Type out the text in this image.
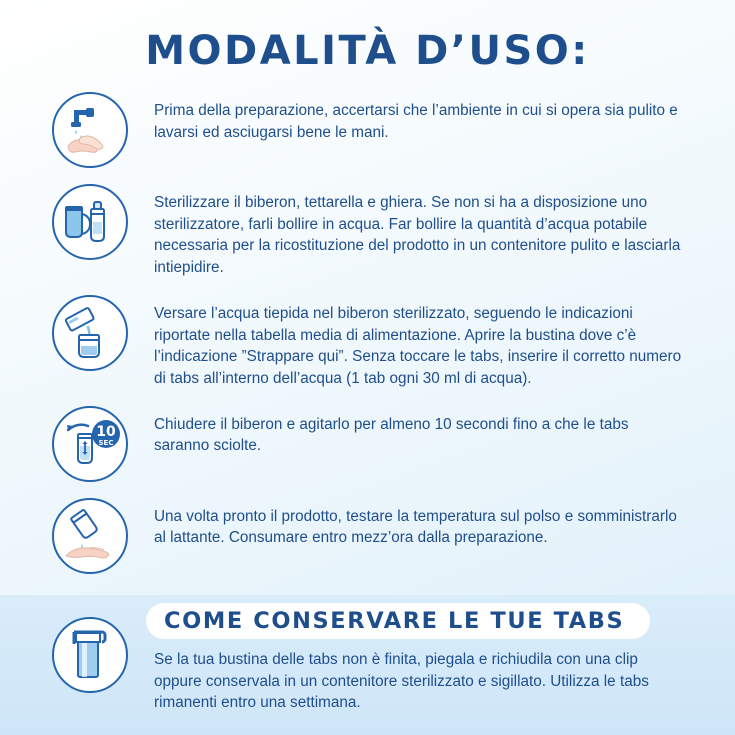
MODALITÀ D’USO:
Prima della preparazione, accertarsi che l’ambiente in cui si opera sia pulito e lavarsi ed asciugarsi bene le mani.
Sterilizzare il biberon, tettarella e ghiera. Se non si ha a disposizione uno sterilizzatore, farli bollire in acqua. Far bollire la quantità d’acqua potabile necessaria per la ricostituzione del prodotto in un contenitore pulito e lasciarla intiepidire.
Versare l’acqua tiepida nel biberon sterilizzato, seguendo le indicazioni riportate nella tabella media di alimentazione. Aprire la bustina dove c’è l’indicazione ”Strappare qui”. Senza toccare le tabs, inserire il corretto numero di tabs all’interno dell’acqua (1 tab ogni 30 ml di acqua).
10
SEC
Chiudere il biberon e agitarlo per almeno 10 secondi fino a che le tabs saranno sciolte.
Una volta pronto il prodotto, testare la temperatura sul polso e somministrarlo al lattante. Consumare entro mezz’ora dalla preparazione.
COME CONSERVARE LE TUE TABS
Se la tua bustina delle tabs non è finita, piegala e richiudila con una clip oppure conservala in un contenitore sterilizzato e sigillato. Utilizza le tabs rimanenti entro una settimana.
